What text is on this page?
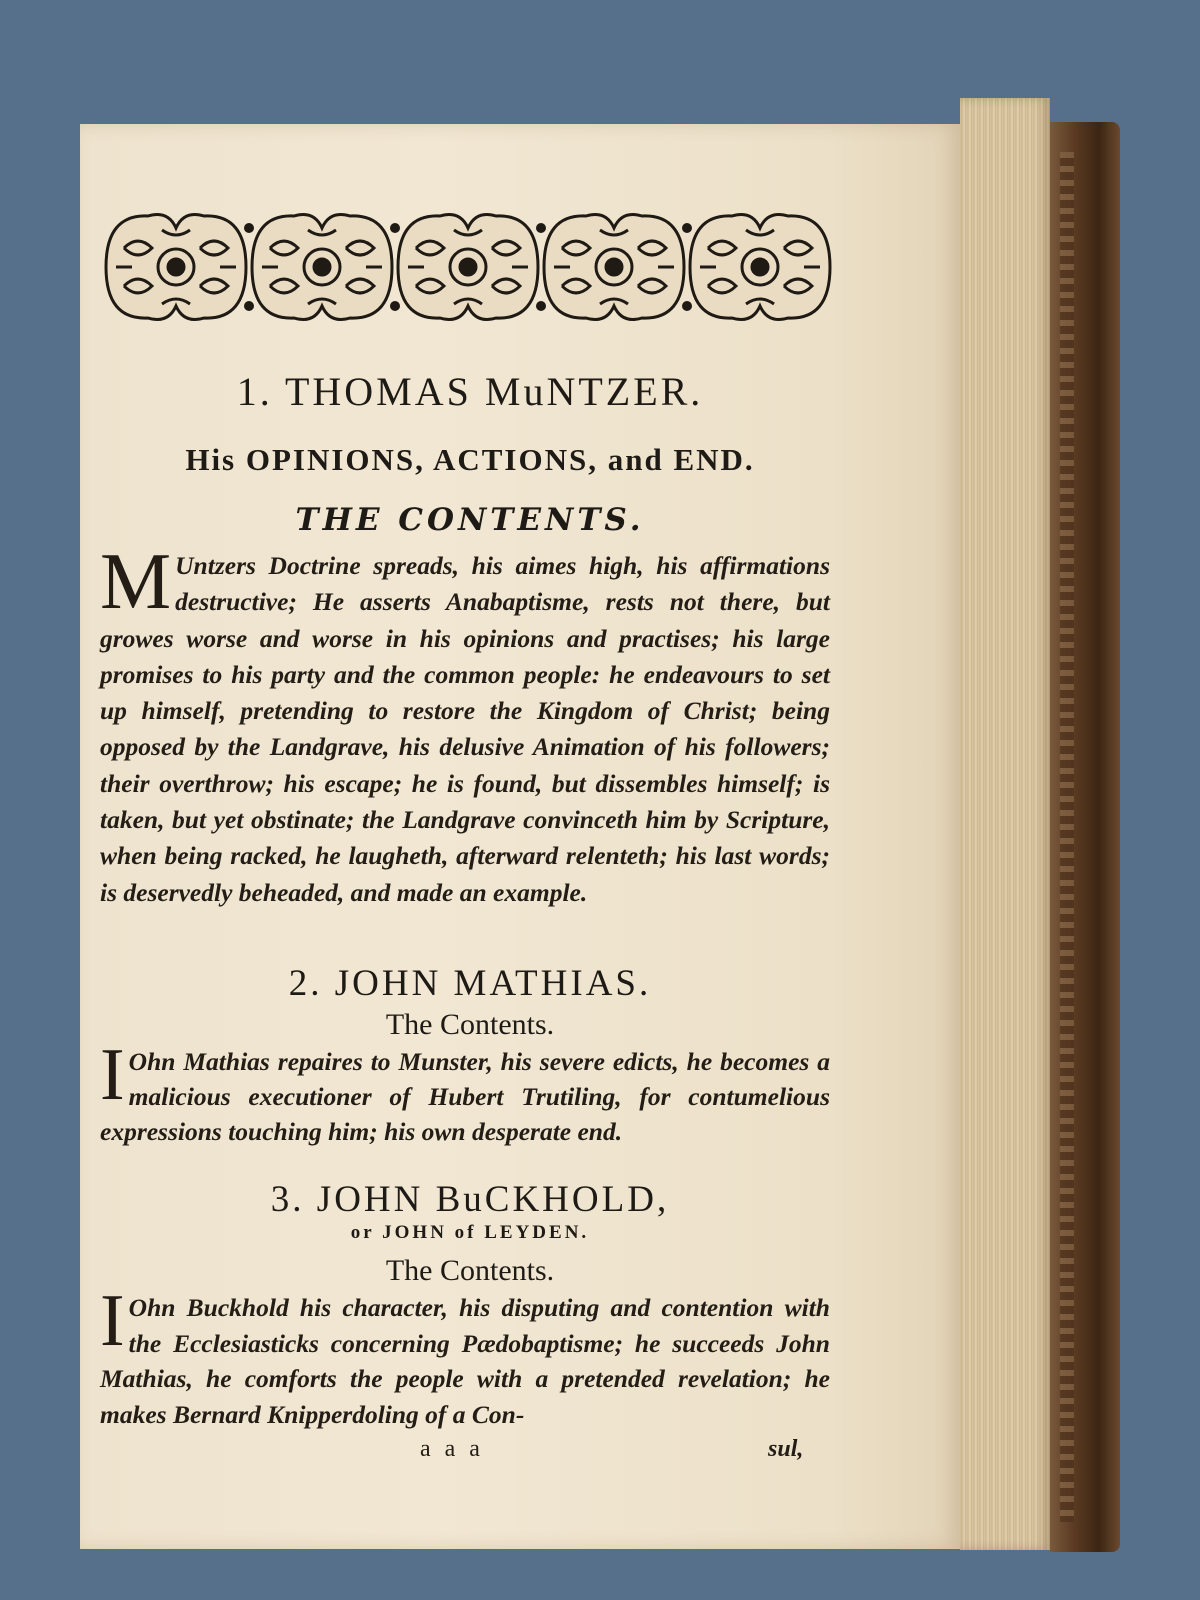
1. THOMAS MuNTZER.
His OPINIONS, ACTIONS, and END.
THE CONTENTS.
M Untzers Doctrine spreads, his aimes high, his affirmations destructive; He asserts Anabaptisme, rests not there, but growes worse and worse in his opinions and practises; his large promises to his party and the common people: he endeavours to set up himself, pretending to restore the Kingdom of Christ; being opposed by the Landgrave, his delusive Animation of his followers; their overthrow; his escape; he is found, but dissembles himself; is taken, but yet obstinate; the Landgrave convinceth him by Scripture, when being racked, he laugheth, afterward relenteth; his last words; is deservedly beheaded, and made an example.
2. JOHN MATHIAS.
The Contents.
I Ohn Mathias repaires to Munster, his severe edicts, he becomes a malicious executioner of Hubert Trutiling, for contumelious expressions touching him; his own desperate end.
3. JOHN BuCKHOLD,
or JOHN of LEYDEN.
The Contents.
I Ohn Buckhold his character, his disputing and contention with the Ecclesiasticks concerning Pædobaptisme; he succeeds John Mathias, he comforts the people with a pretended revelation; he makes Bernard Knipperdoling of a Con-
a a a	sul,
